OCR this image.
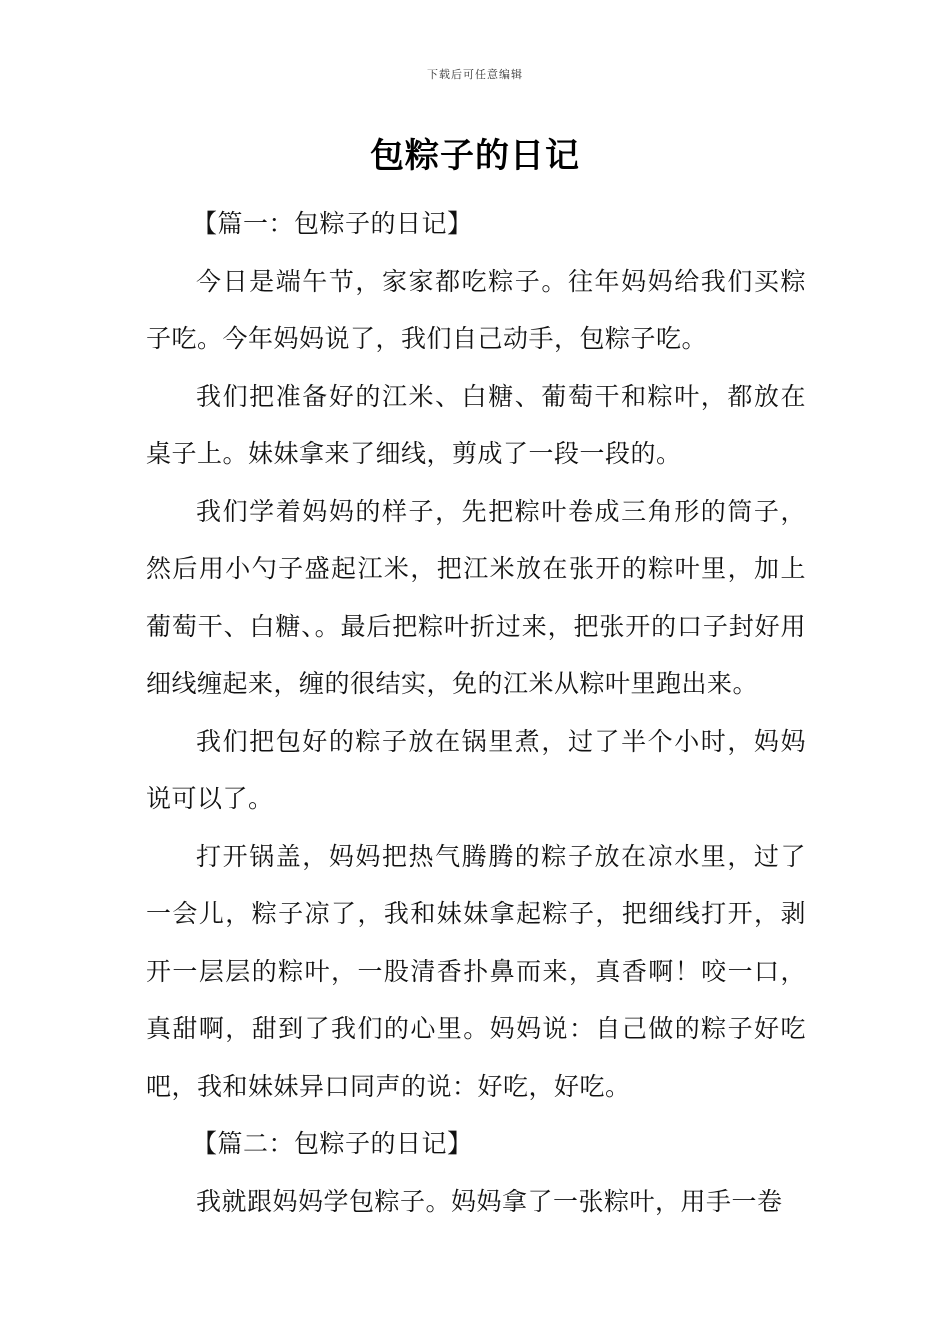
下载后可任意编辑
包粽子的日记

【篇一：包粽子的日记】

今日是端午节，家家都吃粽子。往年妈妈给我们买粽子吃。今年妈妈说了，我们自己动手，包粽子吃。

我们把准备好的江米、白糖、葡萄干和粽叶，都放在桌子上。妹妹拿来了细线，剪成了一段一段的。

我们学着妈妈的样子，先把粽叶卷成三角形的筒子，然后用小勺子盛起江米，把江米放在张开的粽叶里，加上葡萄干、白糖、。最后把粽叶折过来，把张开的口子封好用细线缠起来，缠的很结实，免的江米从粽叶里跑出来。

我们把包好的粽子放在锅里煮，过了半个小时，妈妈说可以了。

打开锅盖，妈妈把热气腾腾的粽子放在凉水里，过了一会儿，粽子凉了，我和妹妹拿起粽子，把细线打开，剥开一层层的粽叶，一股清香扑鼻而来，真香啊！咬一口，真甜啊，甜到了我们的心里。妈妈说：自己做的粽子好吃吧，我和妹妹异口同声的说：好吃，好吃。

【篇二：包粽子的日记】

我就跟妈妈学包粽子。妈妈拿了一张粽叶，用手一卷
